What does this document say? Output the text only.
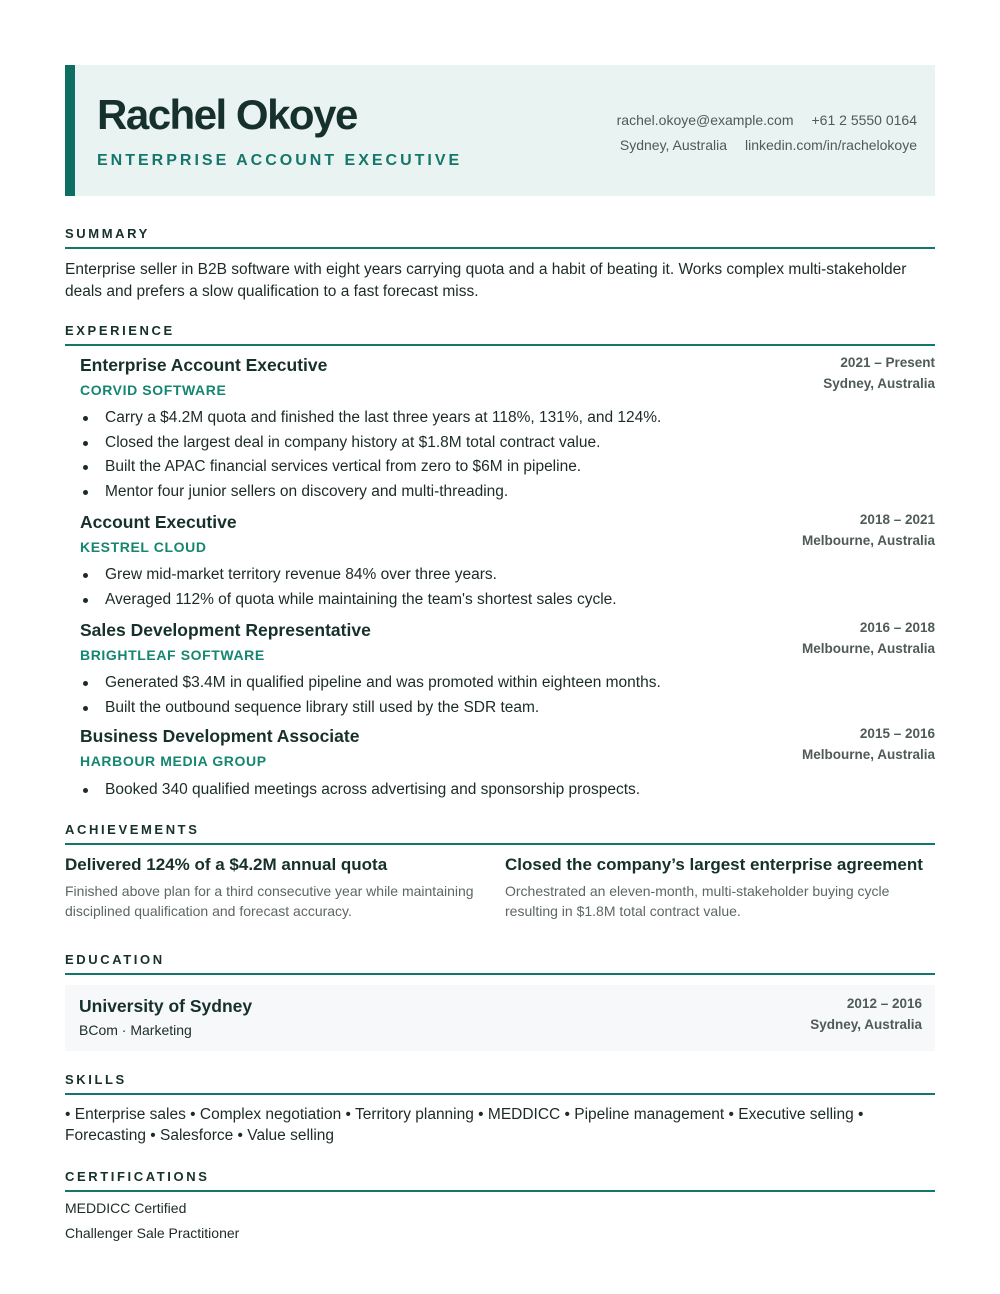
Rachel Okoye
ENTERPRISE ACCOUNT EXECUTIVE
rachel.okoye@example.com +61 2 5550 0164
Sydney, Australia linkedin.com/in/rachelokoye
SUMMARY
Enterprise seller in B2B software with eight years carrying quota and a habit of beating it. Works complex multi-stakeholder deals and prefers a slow qualification to a fast forecast miss.
EXPERIENCE
Enterprise Account Executive
CORVID SOFTWARE
2021 – Present
Sydney, Australia
Carry a $4.2M quota and finished the last three years at 118%, 131%, and 124%.
Closed the largest deal in company history at $1.8M total contract value.
Built the APAC financial services vertical from zero to $6M in pipeline.
Mentor four junior sellers on discovery and multi-threading.
Account Executive
KESTREL CLOUD
2018 – 2021
Melbourne, Australia
Grew mid-market territory revenue 84% over three years.
Averaged 112% of quota while maintaining the team's shortest sales cycle.
Sales Development Representative
BRIGHTLEAF SOFTWARE
2016 – 2018
Melbourne, Australia
Generated $3.4M in qualified pipeline and was promoted within eighteen months.
Built the outbound sequence library still used by the SDR team.
Business Development Associate
HARBOUR MEDIA GROUP
2015 – 2016
Melbourne, Australia
Booked 340 qualified meetings across advertising and sponsorship prospects.
ACHIEVEMENTS
Delivered 124% of a $4.2M annual quota
Finished above plan for a third consecutive year while maintaining disciplined qualification and forecast accuracy.
Closed the company’s largest enterprise agreement
Orchestrated an eleven-month, multi-stakeholder buying cycle resulting in $1.8M total contract value.
EDUCATION
University of Sydney
BCom · Marketing
2012 – 2016
Sydney, Australia
SKILLS
• Enterprise sales • Complex negotiation • Territory planning • MEDDICC • Pipeline management • Executive selling • Forecasting • Salesforce • Value selling
CERTIFICATIONS
MEDDICC Certified
Challenger Sale Practitioner
